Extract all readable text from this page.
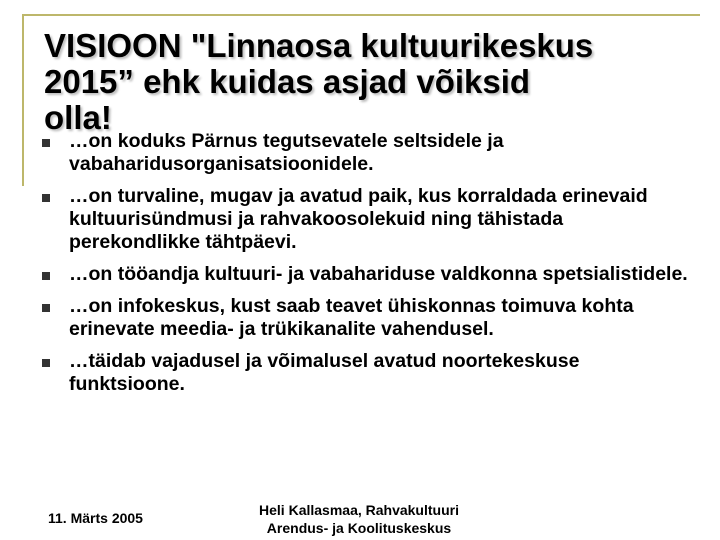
VISIOON "Linnaosa kultuurikeskus
2015” ehk kuidas asjad võiksid
olla!
…on koduks Pärnus tegutsevatele seltsidele ja vabaharidusorganisatsioonidele.
…on turvaline, mugav ja avatud paik, kus korraldada erinevaid kultuurisündmusi ja rahvakoosolekuid ning tähistada perekondlikke tähtpäevi.
…on tööandja kultuuri- ja vabahariduse valdkonna spetsialistidele.
…on infokeskus, kust saab teavet ühiskonnas toimuva kohta erinevate meedia- ja trükikanalite vahendusel.
…täidab vajadusel ja võimalusel avatud noortekeskuse funktsioone.
11. Märts 2005	Heli Kallasmaa, Rahvakultuuri
Arendus- ja Koolituskeskus
